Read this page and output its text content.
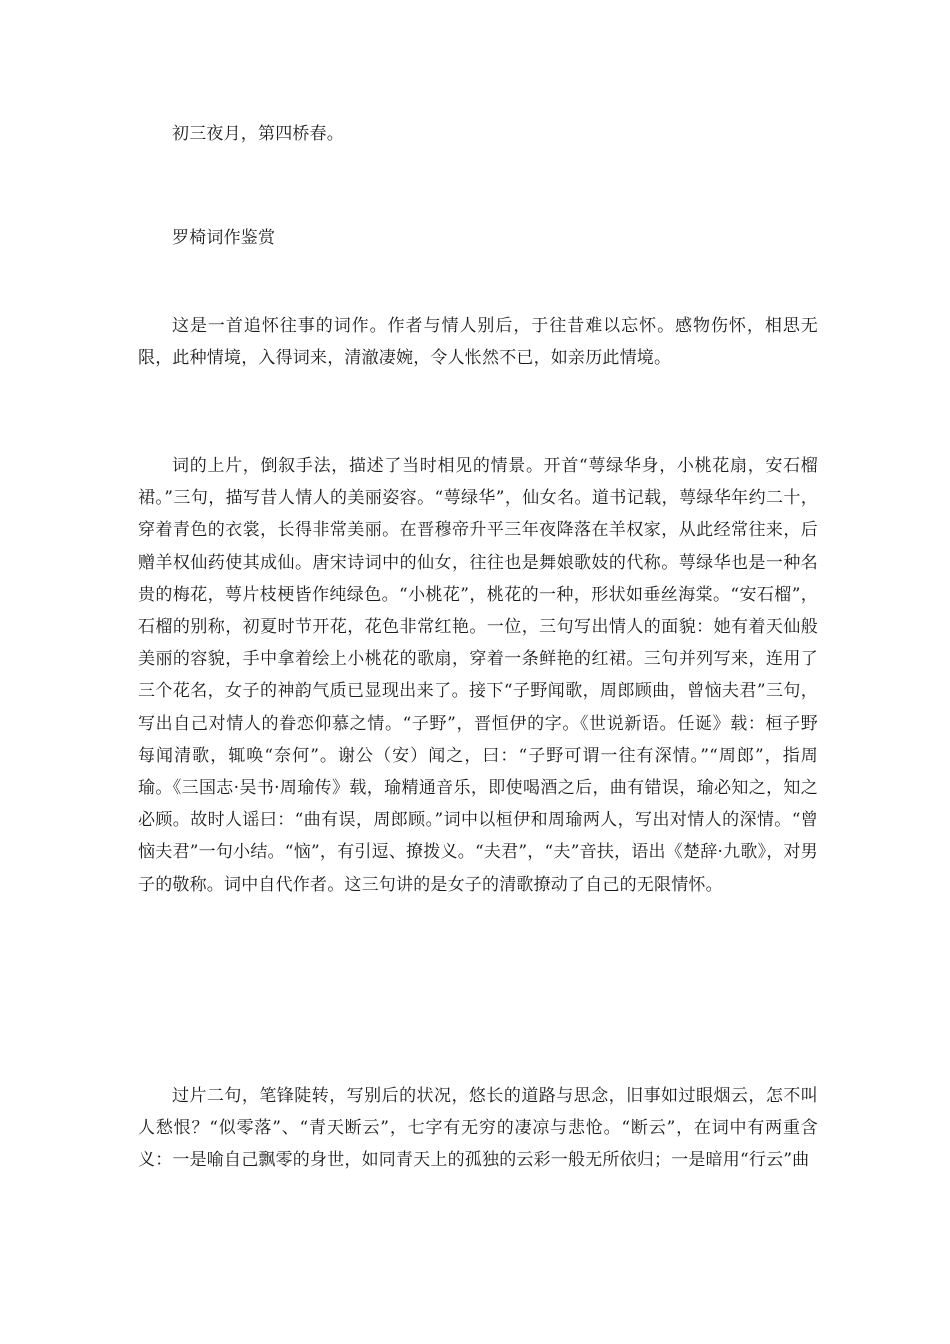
初三夜月，第四桥春。

罗椅词作鉴赏

这是一首追怀往事的词作。作者与情人别后，于往昔难以忘怀。感物伤怀，相思无限，此种情境，入得词来，清澈凄婉，令人怅然不已，如亲历此情境。

词的上片，倒叙手法，描述了当时相见的情景。开首“萼绿华身，小桃花扇，安石榴裙。”三句，描写昔人情人的美丽姿容。“萼绿华”，仙女名。道书记载，萼绿华年约二十，穿着青色的衣裳，长得非常美丽。在晋穆帝升平三年夜降落在羊权家，从此经常往来，后赠羊权仙药使其成仙。唐宋诗词中的仙女，往往也是舞娘歌妓的代称。萼绿华也是一种名贵的梅花，萼片枝梗皆作纯绿色。“小桃花”，桃花的一种，形状如垂丝海棠。“安石榴”，石榴的别称，初夏时节开花，花色非常红艳。一位，三句写出情人的面貌：她有着天仙般美丽的容貌，手中拿着绘上小桃花的歌扇，穿着一条鲜艳的红裙。三句并列写来，连用了三个花名，女子的神韵气质已显现出来了。接下“子野闻歌，周郎顾曲，曾恼夫君”三句，写出自己对情人的眷恋仰慕之情。“子野”，晋恒伊的字。《世说新语。任诞》载：桓子野每闻清歌，辄唤“奈何”。谢公（安）闻之，曰：“子野可谓一往有深情。”“周郎”，指周瑜。《三国志·吴书·周瑜传》载，瑜精通音乐，即使喝酒之后，曲有错误，瑜必知之，知之必顾。故时人谣曰：“曲有误，周郎顾。”词中以桓伊和周瑜两人，写出对情人的深情。“曾恼夫君”一句小结。“恼”，有引逗、撩拨义。“夫君”，“夫”音扶，语出《楚辞·九歌》，对男子的敬称。词中自代作者。这三句讲的是女子的清歌撩动了自己的无限情怀。

过片二句，笔锋陡转，写别后的状况，悠长的道路与思念，旧事如过眼烟云，怎不叫人愁恨？“似零落”、“青天断云”，七字有无穷的凄凉与悲怆。“断云”，在词中有两重含义：一是喻自己飘零的身世，如同青天上的孤独的云彩一般无所依归；一是暗用“行云”曲
